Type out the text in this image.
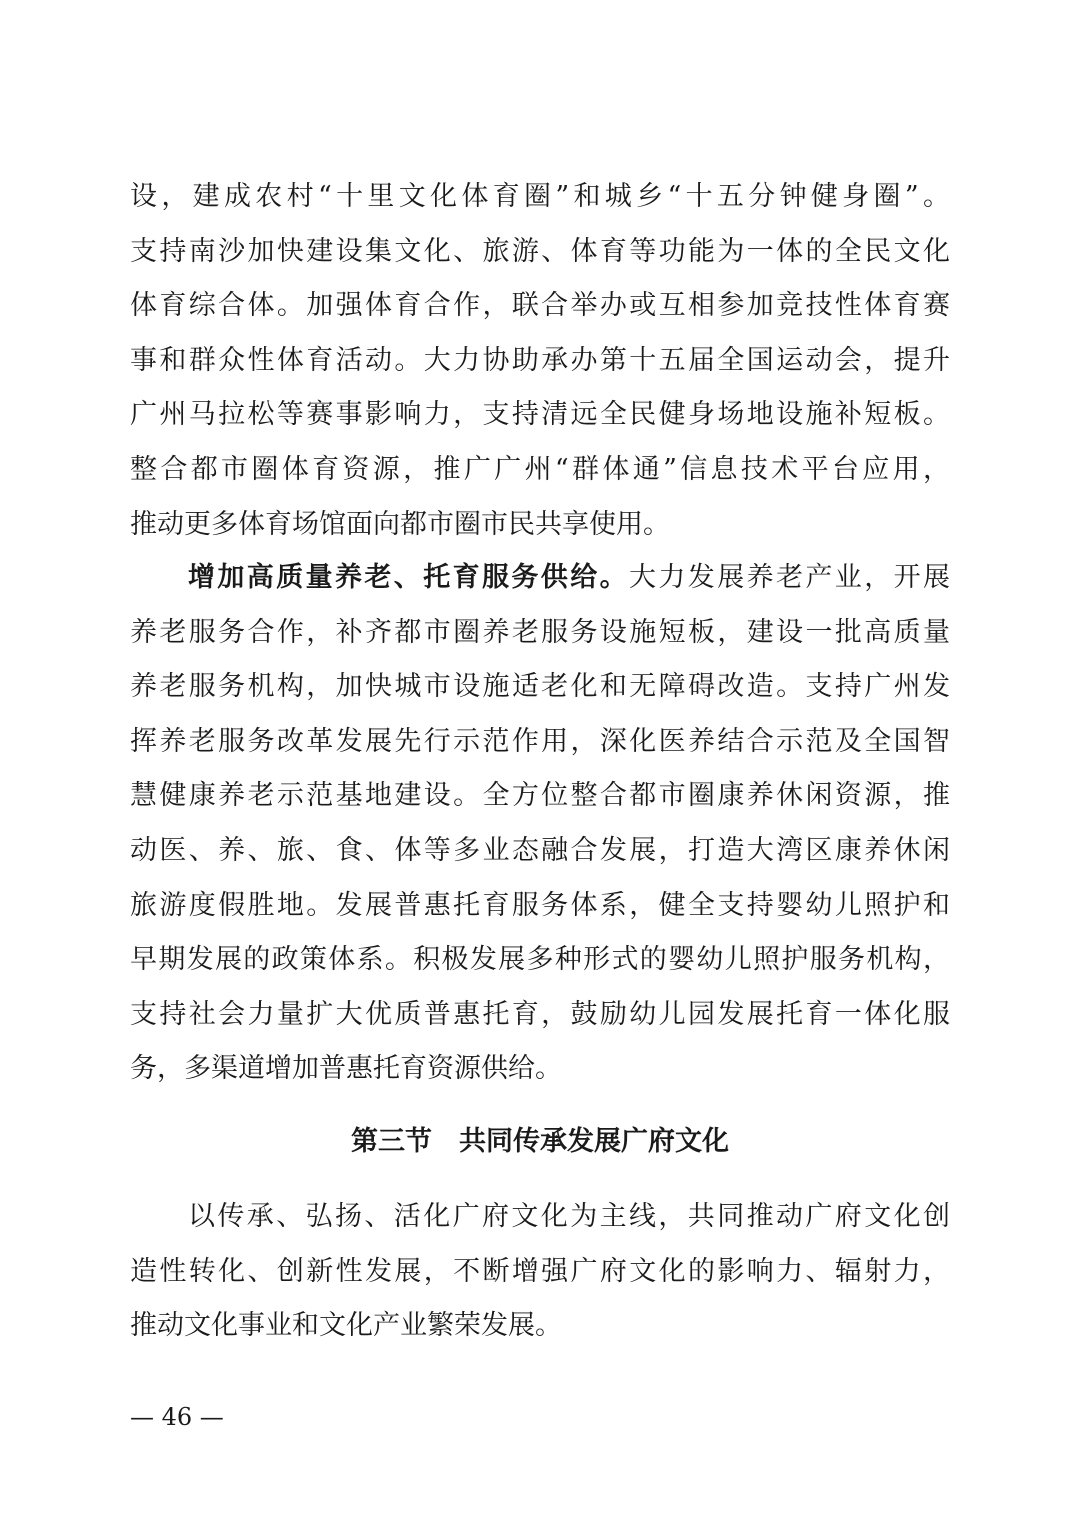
设，建成农村“十里文化体育圈”和城乡“十五分钟健身圈”。
支持南沙加快建设集文化、旅游、体育等功能为一体的全民文化
体育综合体。加强体育合作，联合举办或互相参加竞技性体育赛
事和群众性体育活动。大力协助承办第十五届全国运动会，提升
广州马拉松等赛事影响力，支持清远全民健身场地设施补短板。
整合都市圈体育资源，推广广州“群体通”信息技术平台应用，
推动更多体育场馆面向都市圈市民共享使用。
增加高质量养老、托育服务供给。大力发展养老产业，开展
养老服务合作，补齐都市圈养老服务设施短板，建设一批高质量
养老服务机构，加快城市设施适老化和无障碍改造。支持广州发
挥养老服务改革发展先行示范作用，深化医养结合示范及全国智
慧健康养老示范基地建设。全方位整合都市圈康养休闲资源，推
动医、养、旅、食、体等多业态融合发展，打造大湾区康养休闲
旅游度假胜地。发展普惠托育服务体系，健全支持婴幼儿照护和
早期发展的政策体系。积极发展多种形式的婴幼儿照护服务机构，
支持社会力量扩大优质普惠托育，鼓励幼儿园发展托育一体化服
务，多渠道增加普惠托育资源供给。
第三节　共同传承发展广府文化
以传承、弘扬、活化广府文化为主线，共同推动广府文化创
造性转化、创新性发展，不断增强广府文化的影响力、辐射力，
推动文化事业和文化产业繁荣发展。
— 46 —
